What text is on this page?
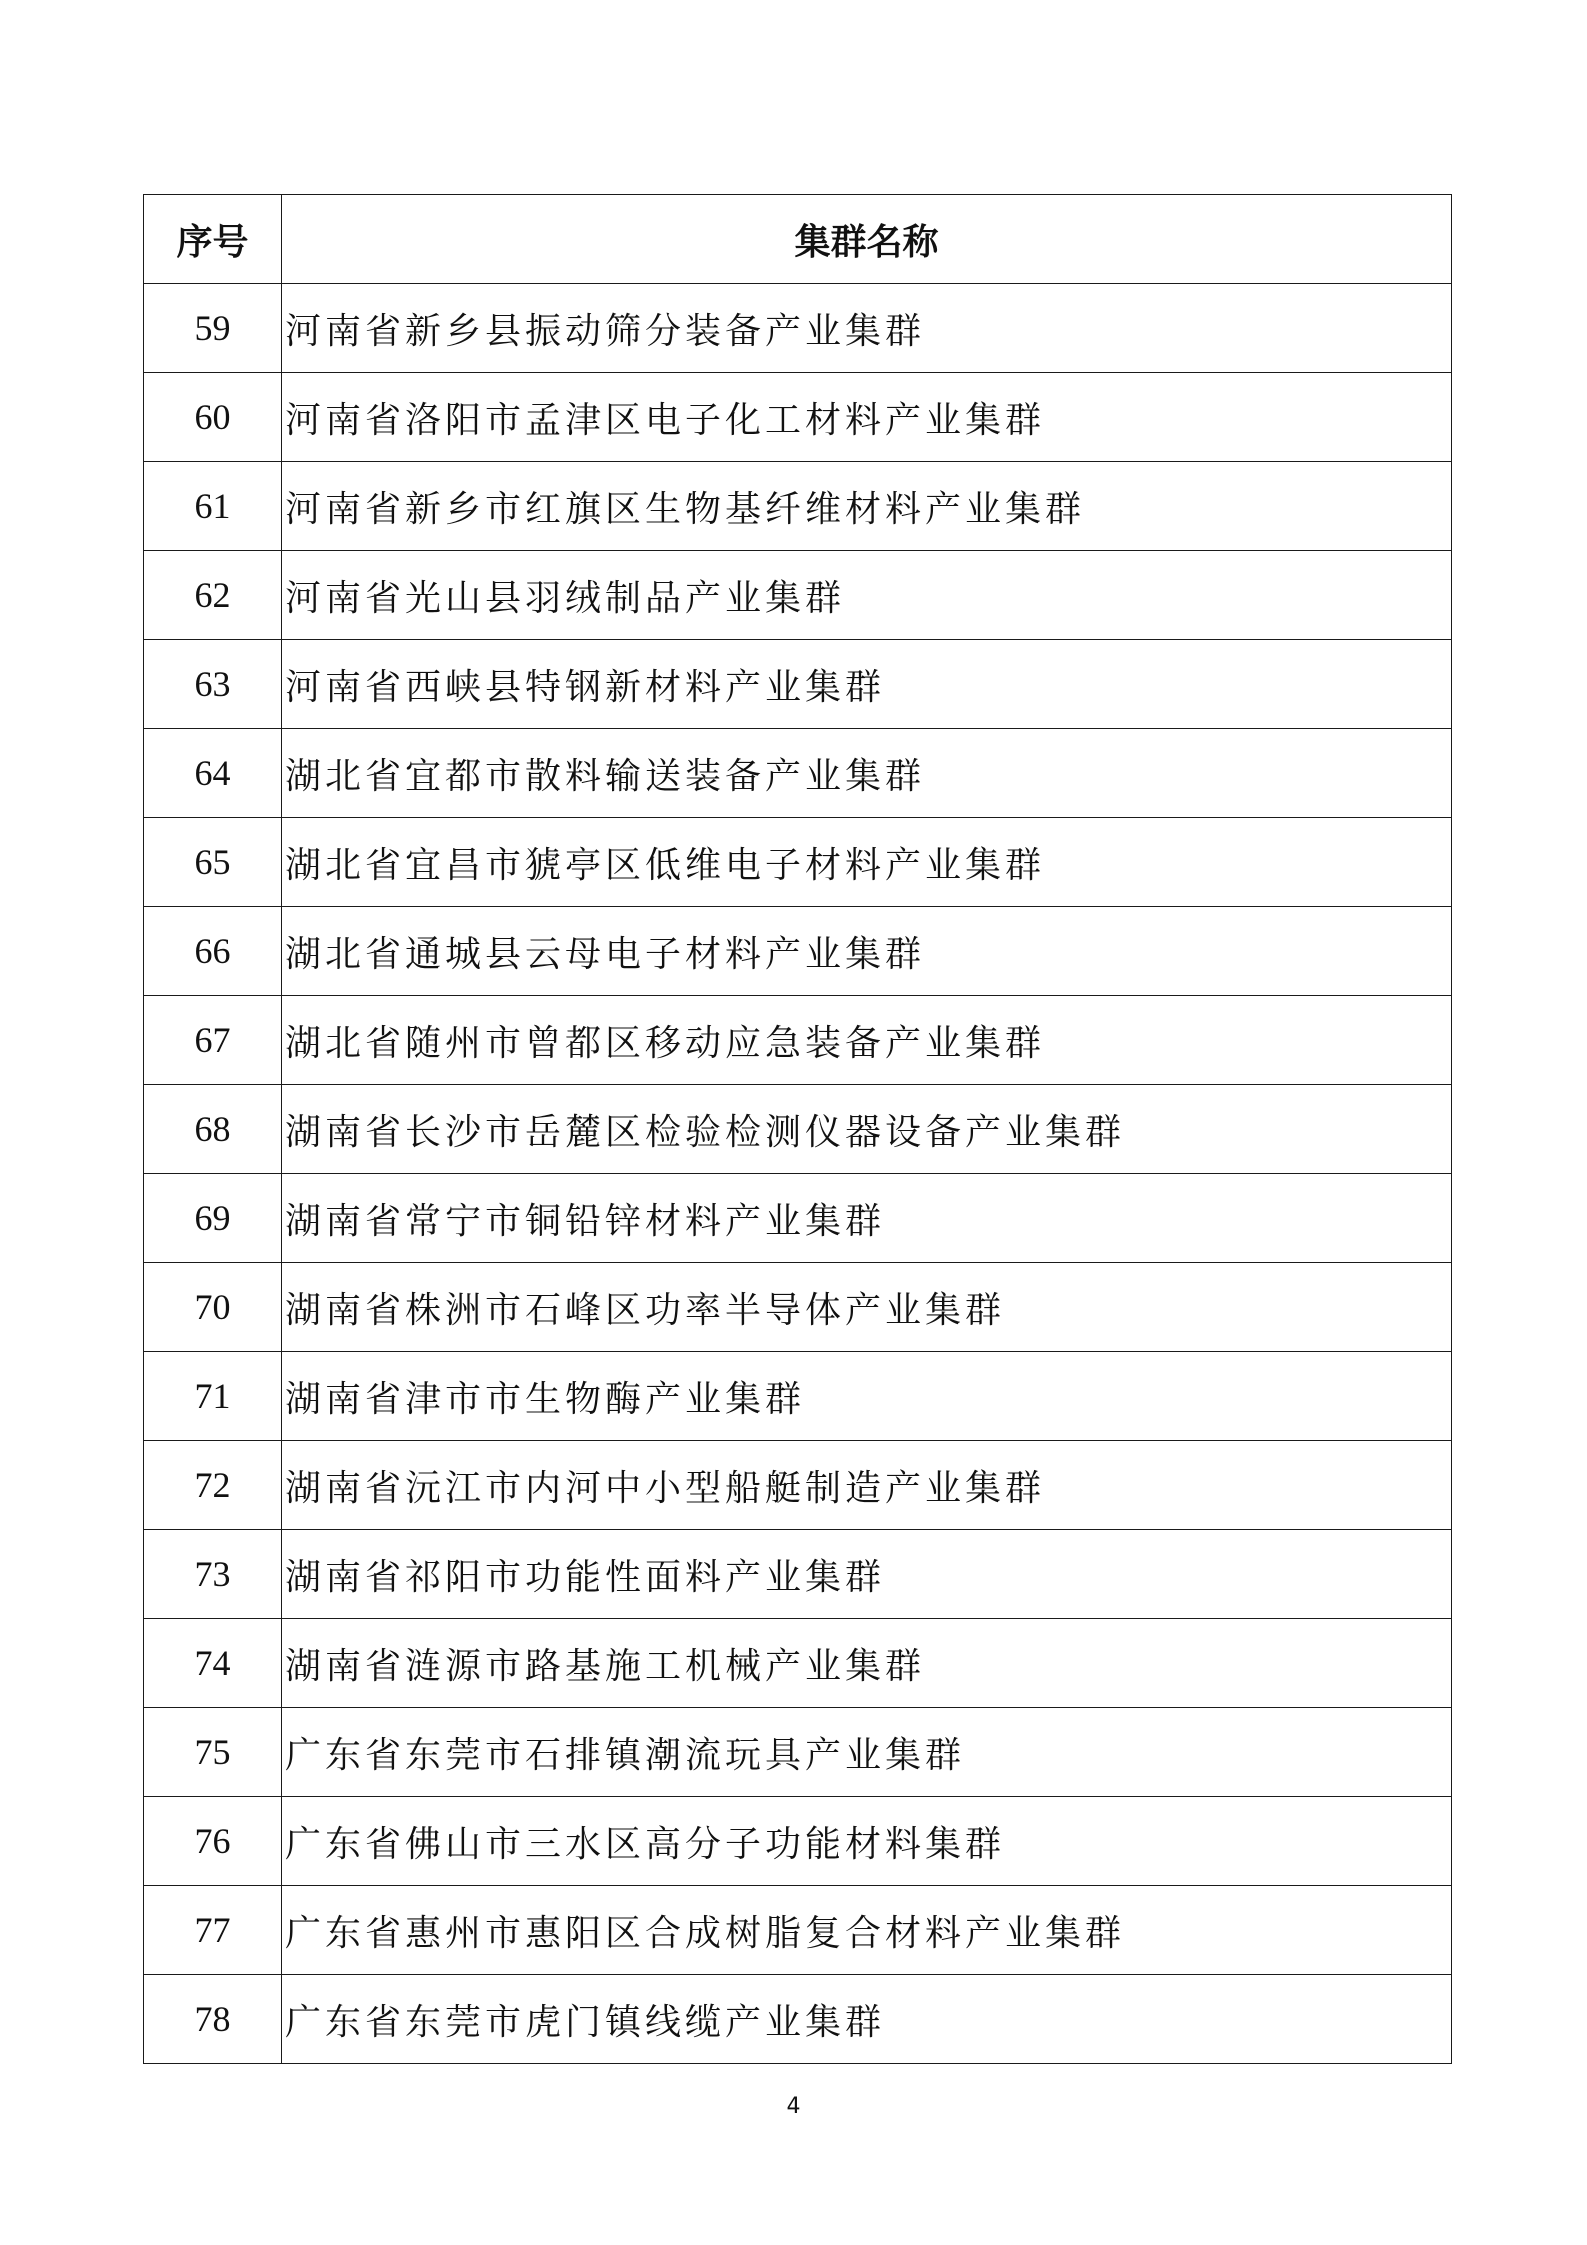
序号	集群名称
59	河南省新乡县振动筛分装备产业集群
60	河南省洛阳市孟津区电子化工材料产业集群
61	河南省新乡市红旗区生物基纤维材料产业集群
62	河南省光山县羽绒制品产业集群
63	河南省西峡县特钢新材料产业集群
64	湖北省宜都市散料输送装备产业集群
65	湖北省宜昌市猇亭区低维电子材料产业集群
66	湖北省通城县云母电子材料产业集群
67	湖北省随州市曾都区移动应急装备产业集群
68	湖南省长沙市岳麓区检验检测仪器设备产业集群
69	湖南省常宁市铜铅锌材料产业集群
70	湖南省株洲市石峰区功率半导体产业集群
71	湖南省津市市生物酶产业集群
72	湖南省沅江市内河中小型船艇制造产业集群
73	湖南省祁阳市功能性面料产业集群
74	湖南省涟源市路基施工机械产业集群
75	广东省东莞市石排镇潮流玩具产业集群
76	广东省佛山市三水区高分子功能材料集群
77	广东省惠州市惠阳区合成树脂复合材料产业集群
78	广东省东莞市虎门镇线缆产业集群
4
